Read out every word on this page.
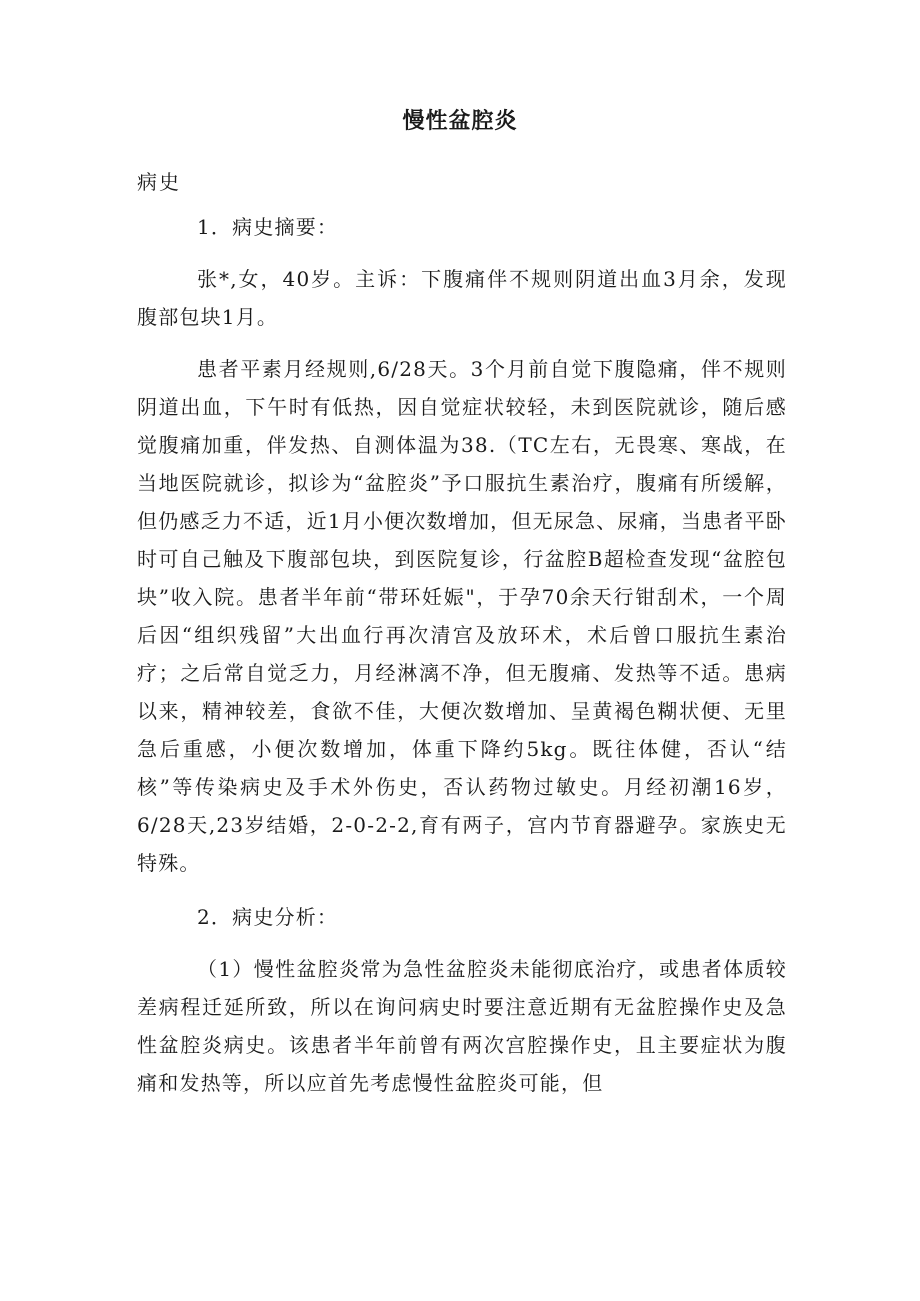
慢性盆腔炎
病史

1．病史摘要：

张*,女，40岁。主诉：下腹痛伴不规则阴道出血3月余，发现腹部包块1月。

患者平素月经规则,6/28天。3个月前自觉下腹隐痛，伴不规则阴道出血，下午时有低热，因自觉症状较轻，未到医院就诊，随后感觉腹痛加重，伴发热、自测体温为38.（TC左右，无畏寒、寒战，在当地医院就诊，拟诊为“盆腔炎”予口服抗生素治疗，腹痛有所缓解，但仍感乏力不适，近1月小便次数增加，但无尿急、尿痛，当患者平卧时可自己触及下腹部包块，到医院复诊，行盆腔B超检查发现“盆腔包块”收入院。患者半年前“带环妊娠"，于孕70余天行钳刮术，一个周后因“组织残留”大出血行再次清宫及放环术，术后曾口服抗生素治疗；之后常自觉乏力，月经淋漓不净，但无腹痛、发热等不适。患病以来，精神较差，食欲不佳，大便次数增加、呈黄褐色糊状便、无里急后重感，小便次数增加，体重下降约5kg。既往体健，否认“结核”等传染病史及手术外伤史，否认药物过敏史。月经初潮16岁，6/28天,23岁结婚，2-0-2-2,育有两子，宫内节育器避孕。家族史无特殊。

2．病史分析：

（1）慢性盆腔炎常为急性盆腔炎未能彻底治疗，或患者体质较差病程迁延所致，所以在询问病史时要注意近期有无盆腔操作史及急性盆腔炎病史。该患者半年前曾有两次宫腔操作史，且主要症状为腹痛和发热等，所以应首先考虑慢性盆腔炎可能，但
